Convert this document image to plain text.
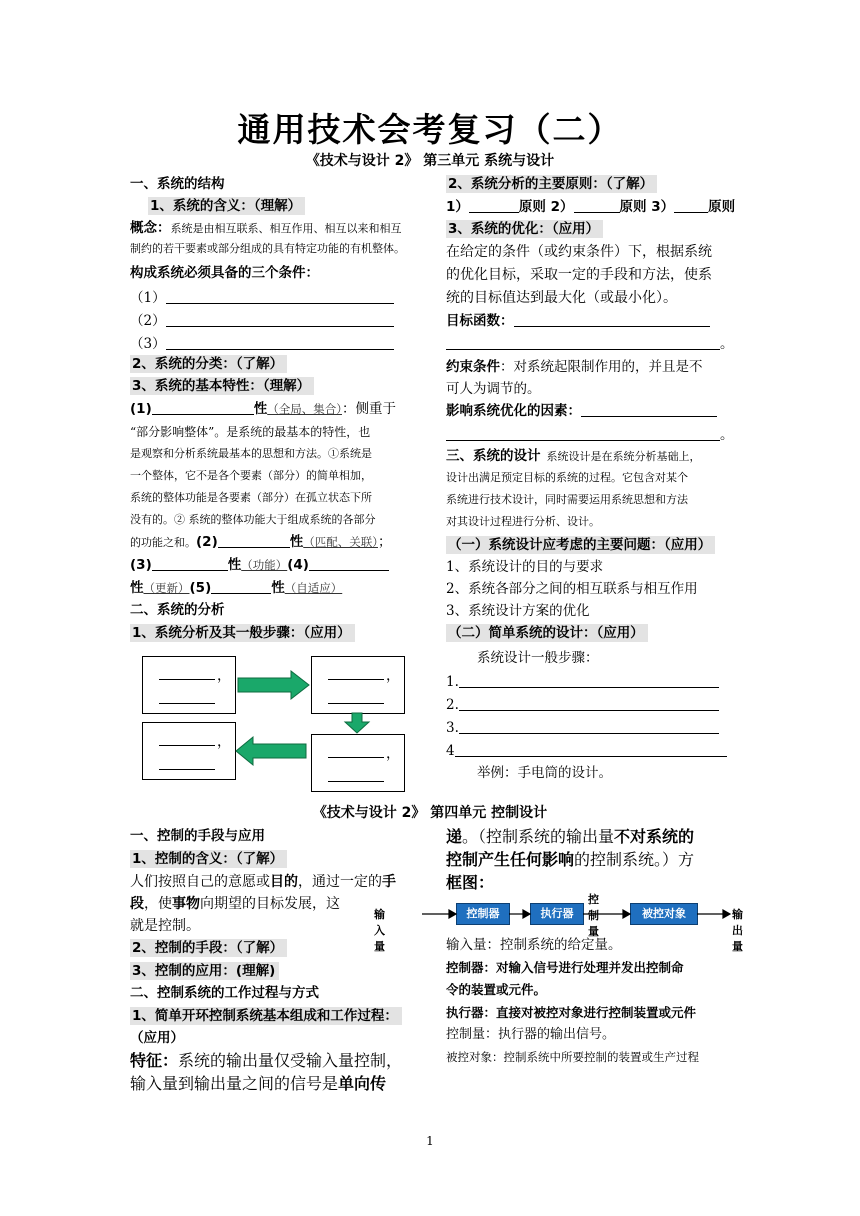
通用技术会考复习（二）
《技术与设计 2》 第三单元 系统与设计
一、系统的结构
1、系统的含义：（理解）
概念：系统是由相互联系、相互作用、相互以来和相互
制约的若干要素或部分组成的具有特定功能的有机整体。
构成系统必须具备的三个条件：
（1）
（2）
（3）
2、系统的分类：（了解）
3、系统的基本特性：（理解）
(1)	性（全局、集合）：侧重于
“部分影响整体”。是系统的最基本的特性，也
是观察和分析系统最基本的思想和方法。①系统是
一个整体，它不是各个要素（部分）的简单相加，
系统的整体功能是各要素（部分）在孤立状态下所
没有的。② 系统的整体功能大于组成系统的各部分
的功能之和。(2)	性（匹配、关联）；
(3)	性（功能）(4)
性（更新）(5)	性（自适应）
二、系统的分析
1、系统分析及其一般步骤：（应用）
，	，
，
，
2、系统分析的主要原则：（了解）
1）	原则 2）	原则 3）	原则
3、系统的优化：（应用）
在给定的条件（或约束条件）下，根据系统
的优化目标，采取一定的手段和方法，使系
统的目标值达到最大化（或最小化）。
目标函数：
。
约束条件：对系统起限制作用的，并且是不
可人为调节的。
影响系统优化的因素：
。
三、系统的设计 系统设计是在系统分析基础上，
设计出满足预定目标的系统的过程。它包含对某个
系统进行技术设计，同时需要运用系统思想和方法
对其设计过程进行分析、设计。
（一）系统设计应考虑的主要问题：（应用）
1、系统设计的目的与要求
2、系统各部分之间的相互联系与相互作用
3、系统设计方案的优化
（二）简单系统的设计：（应用）
系统设计一般步骤：
1.
2.
3.
4
举例：手电筒的设计。
《技术与设计 2》 第四单元 控制设计
一、控制的手段与应用
1、控制的含义：（了解）
人们按照自己的意愿或目的，通过一定的手
段，使事物向期望的目标发展，这
就是控制。
2、控制的手段：（了解）
3、控制的应用：(理解)
二、控制系统的工作过程与方式
1、简单开环控制系统基本组成和工作过程：
（应用）
特征：系统的输出量仅受输入量控制，
输入量到输出量之间的信号是单向传
递。（控制系统的输出量不对系统的
控制产生任何影响的控制系统。）方
框图：
输入量
控制器	执行器
控制量
被控对象	输出量
输入量：控制系统的给定量。
控制器：对输入信号进行处理并发出控制命
令的装置或元件。
执行器：直接对被控对象进行控制装置或元件
控制量：执行器的输出信号。
被控对象：控制系统中所要控制的装置或生产过程
1
